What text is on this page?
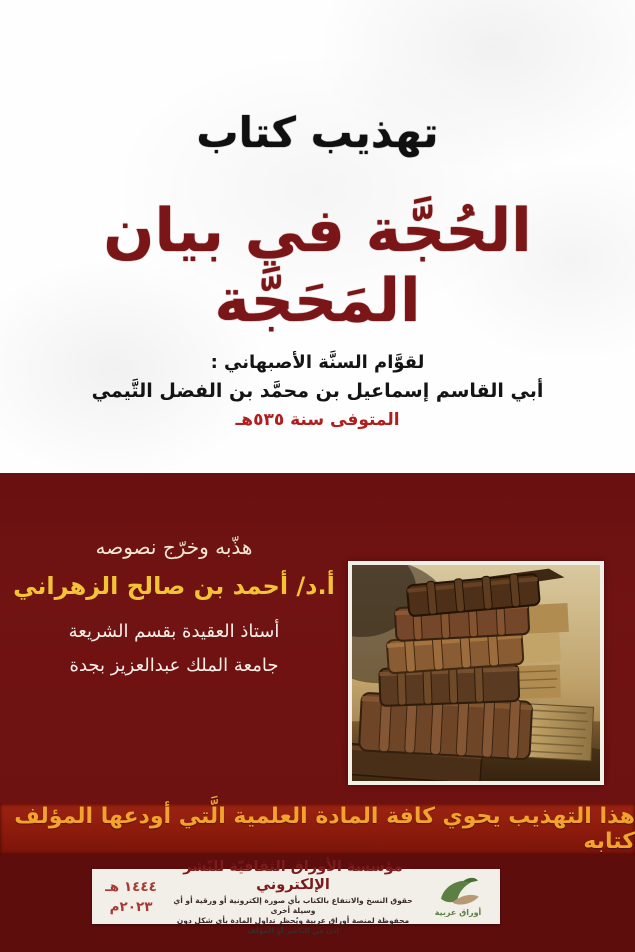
تهذيب كتاب
الحُجَّة في بيان المَحَجَّة
لقوَّام السنَّة الأصبهاني :
أبي القاسم إسماعيل بن محمَّد بن الفضل التَّيمي
المتوفى سنة ٥٣٥هـ
هذّبه وخرّج نصوصه
أ.د/ أحمد بن صالح الزهراني
أستاذ العقيدة بقسم الشريعة
جامعة الملك عبدالعزيز بجدة
هذا التهذيب يحوي كافة المادة العلمية الَّتي أودعها المؤلف كتابه
أوراق عربية
مؤسسة الأوراق الثقافيّة للنّشر الإلكتروني
حقوق النسخ والانتفاع بالكتاب بأي صورة إلكترونية أو ورقية أو أي وسيلة أخرى
محفوظة لمنصة أوراق عربية ويُحظر تداول المادة بأي شكل دون إذن من النّاشر أو المؤلف
١٤٤٤ هـ
٢٠٢٣م
